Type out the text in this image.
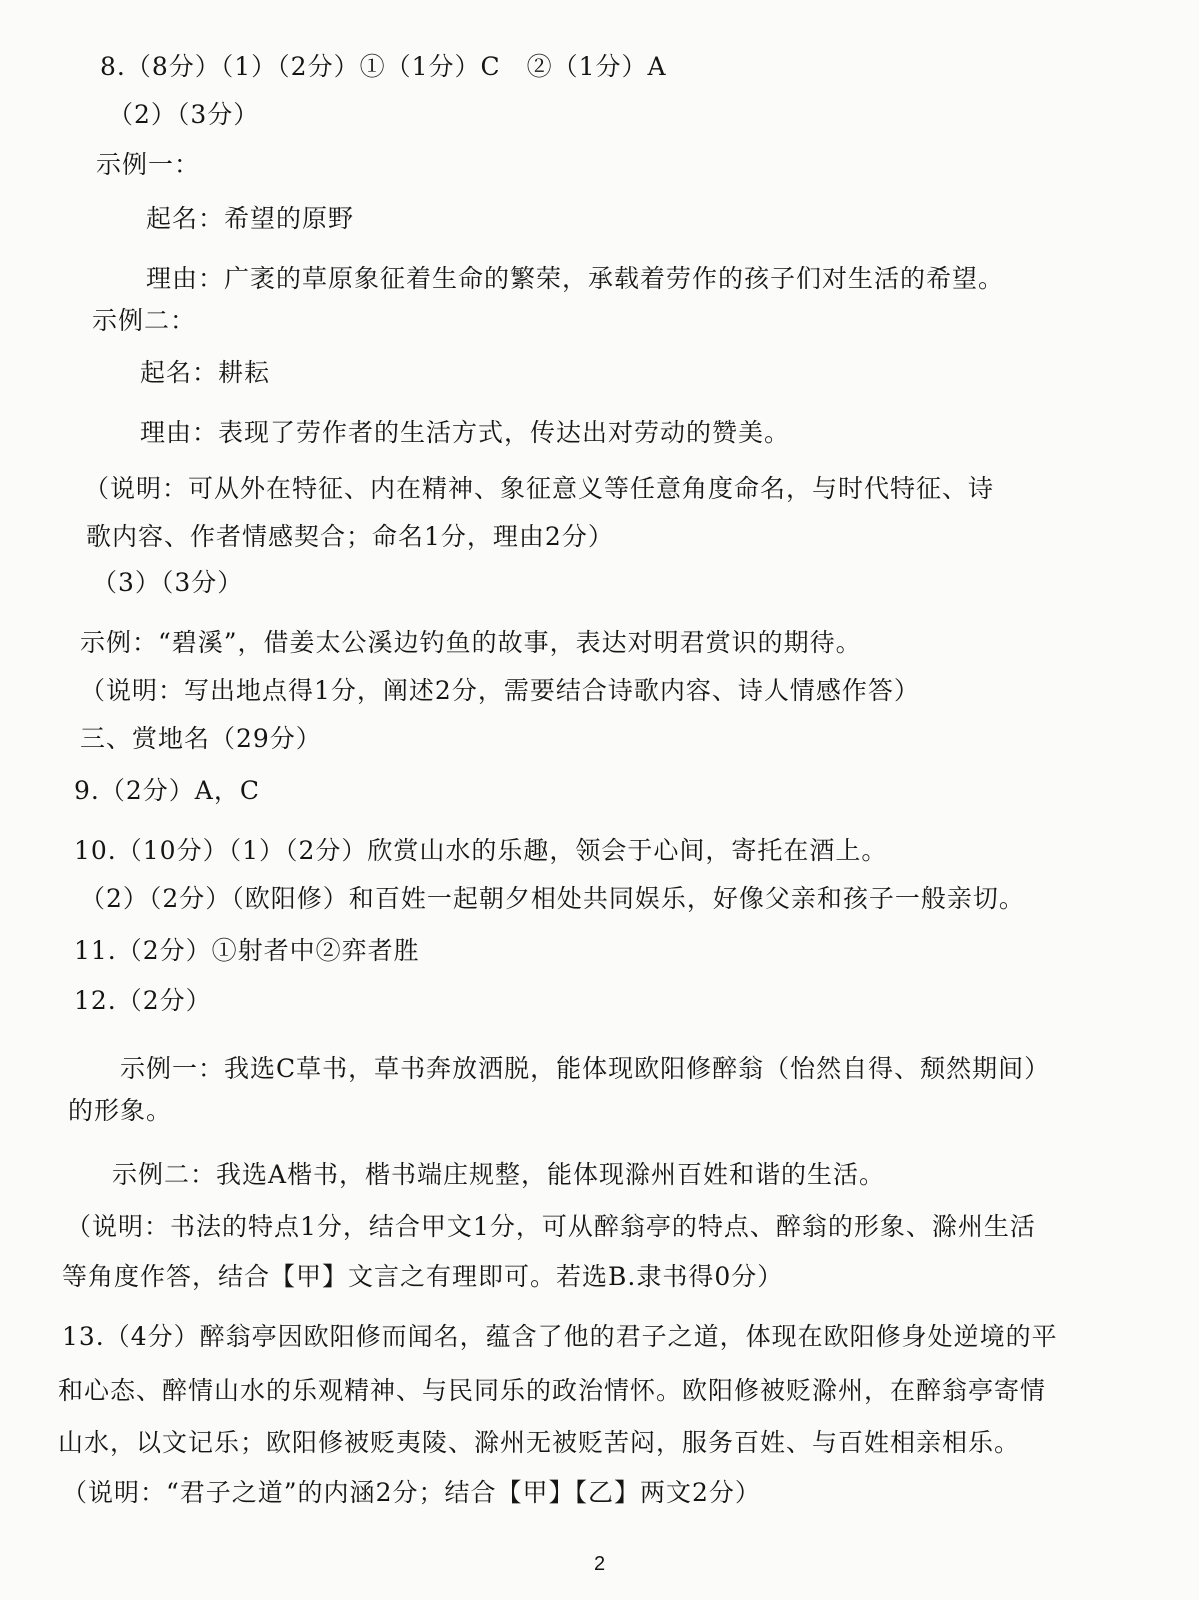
8.（8分）（1）（2分）①（1分）C　②（1分）A
（2）（3分）
示例一：
起名：希望的原野
理由：广袤的草原象征着生命的繁荣，承载着劳作的孩子们对生活的希望。
示例二：
起名：耕耘
理由：表现了劳作者的生活方式，传达出对劳动的赞美。
（说明：可从外在特征、内在精神、象征意义等任意角度命名，与时代特征、诗
歌内容、作者情感契合；命名1分，理由2分）
（3）（3分）
示例：“碧溪”，借姜太公溪边钓鱼的故事，表达对明君赏识的期待。
（说明：写出地点得1分，阐述2分，需要结合诗歌内容、诗人情感作答）
三、赏地名（29分）
9.（2分）A，C
10.（10分）（1）（2分）欣赏山水的乐趣，领会于心间，寄托在酒上。
（2）（2分）（欧阳修）和百姓一起朝夕相处共同娱乐，好像父亲和孩子一般亲切。
11.（2分）①射者中②弈者胜
12.（2分）
示例一：我选C草书，草书奔放洒脱，能体现欧阳修醉翁（怡然自得、颓然期间）
的形象。
示例二：我选A楷书，楷书端庄规整，能体现滁州百姓和谐的生活。
（说明：书法的特点1分，结合甲文1分，可从醉翁亭的特点、醉翁的形象、滁州生活
等角度作答，结合【甲】文言之有理即可。若选B.隶书得0分）
13.（4分）醉翁亭因欧阳修而闻名，蕴含了他的君子之道，体现在欧阳修身处逆境的平
和心态、醉情山水的乐观精神、与民同乐的政治情怀。欧阳修被贬滁州，在醉翁亭寄情
山水，以文记乐；欧阳修被贬夷陵、滁州无被贬苦闷，服务百姓、与百姓相亲相乐。
（说明：“君子之道”的内涵2分；结合【甲】【乙】两文2分）
2
